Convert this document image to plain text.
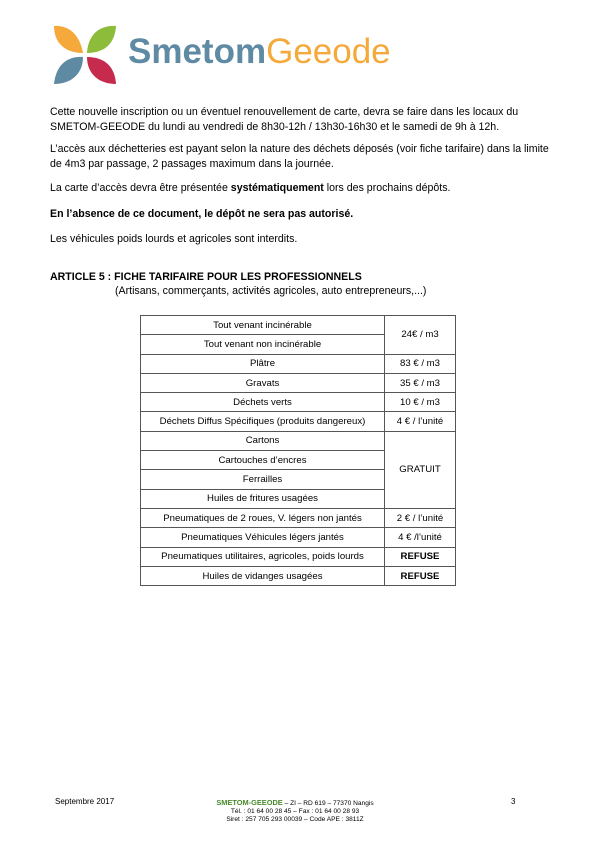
SmetomGeeode
Cette nouvelle inscription ou un éventuel renouvellement de carte, devra se faire dans les locaux du SMETOM-GEEODE du lundi au vendredi de 8h30-12h / 13h30-16h30 et le samedi de 9h à 12h.
L’accès aux déchetteries est payant selon la nature des déchets déposés (voir fiche tarifaire) dans la limite de 4m3 par passage, 2 passages maximum dans la journée.
La carte d’accès devra être présentée systématiquement lors des prochains dépôts.
En l’absence de ce document, le dépôt ne sera pas autorisé.
Les véhicules poids lourds et agricoles sont interdits.
ARTICLE 5 : FICHE TARIFAIRE POUR LES PROFESSIONNELS
(Artisans, commerçants, activités agricoles, auto entrepreneurs,...)
Tout venant incinérable	24€ / m3
Tout venant non incinérable	
Plâtre	83 € / m3
Gravats	35 € / m3
Déchets verts	10 € / m3
Déchets Diffus Spécifiques (produits dangereux)	4 € / l’unité
Cartons	GRATUIT
Cartouches d’encres	
Ferrailles	
Huiles de fritures usagées	
Pneumatiques de 2 roues, V. légers non jantés	2 € / l’unité
Pneumatiques Véhicules légers jantés	4 € /l’unité
Pneumatiques utilitaires, agricoles, poids lourds	REFUSE
Huiles de vidanges usagées	REFUSE
Septembre 2017	SMETOM-GEEODE – ZI – RD 619 – 77370 Nangis
Tél. : 01 64 00 28 45 – Fax : 01 64 00 28 93
Siret : 257 705 293 00039 – Code APE : 3811Z
3
